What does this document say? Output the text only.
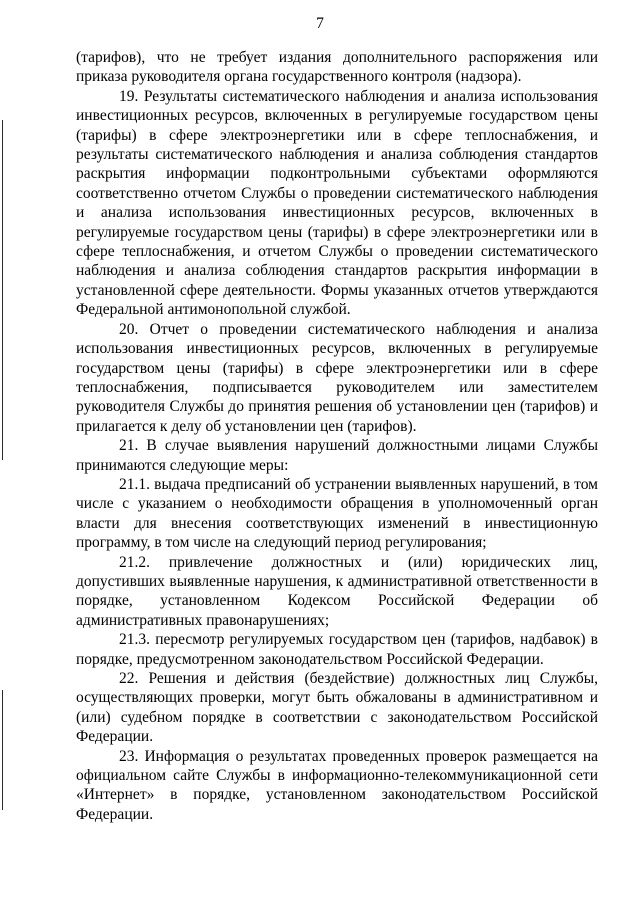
7

(тарифов), что не требует издания дополнительного распоряжения или приказа руководителя органа государственного контроля (надзора).

19. Результаты систематического наблюдения и анализа использования инвестиционных ресурсов, включенных в регулируемые государством цены (тарифы) в сфере электроэнергетики или в сфере теплоснабжения, и результаты систематического наблюдения и анализа соблюдения стандартов раскрытия информации подконтрольными субъектами оформляются соответственно отчетом Службы о проведении систематического наблюдения и анализа использования инвестиционных ресурсов, включенных в регулируемые государством цены (тарифы) в сфере электроэнергетики или в сфере теплоснабжения, и отчетом Службы о проведении систематического наблюдения и анализа соблюдения стандартов раскрытия информации в установленной сфере деятельности. Формы указанных отчетов утверждаются Федеральной антимонопольной службой.

20. Отчет о проведении систематического наблюдения и анализа использования инвестиционных ресурсов, включенных в регулируемые государством цены (тарифы) в сфере электроэнергетики или в сфере теплоснабжения, подписывается руководителем или заместителем руководителя Службы до принятия решения об установлении цен (тарифов) и прилагается к делу об установлении цен (тарифов).

21. В случае выявления нарушений должностными лицами Службы принимаются следующие меры:

21.1. выдача предписаний об устранении выявленных нарушений, в том числе с указанием о необходимости обращения в уполномоченный орган власти для внесения соответствующих изменений в инвестиционную программу, в том числе на следующий период регулирования;

21.2. привлечение должностных и (или) юридических лиц, допустивших выявленные нарушения, к административной ответственности в порядке, установленном Кодексом Российской Федерации об административных правонарушениях;

21.3. пересмотр регулируемых государством цен (тарифов, надбавок) в порядке, предусмотренном законодательством Российской Федерации.

22. Решения и действия (бездействие) должностных лиц Службы, осуществляющих проверки, могут быть обжалованы в административном и (или) судебном порядке в соответствии с законодательством Российской Федерации.

23. Информация о результатах проведенных проверок размещается на официальном сайте Службы в информационно-телекоммуникационной сети «Интернет» в порядке, установленном законодательством Российской Федерации.
